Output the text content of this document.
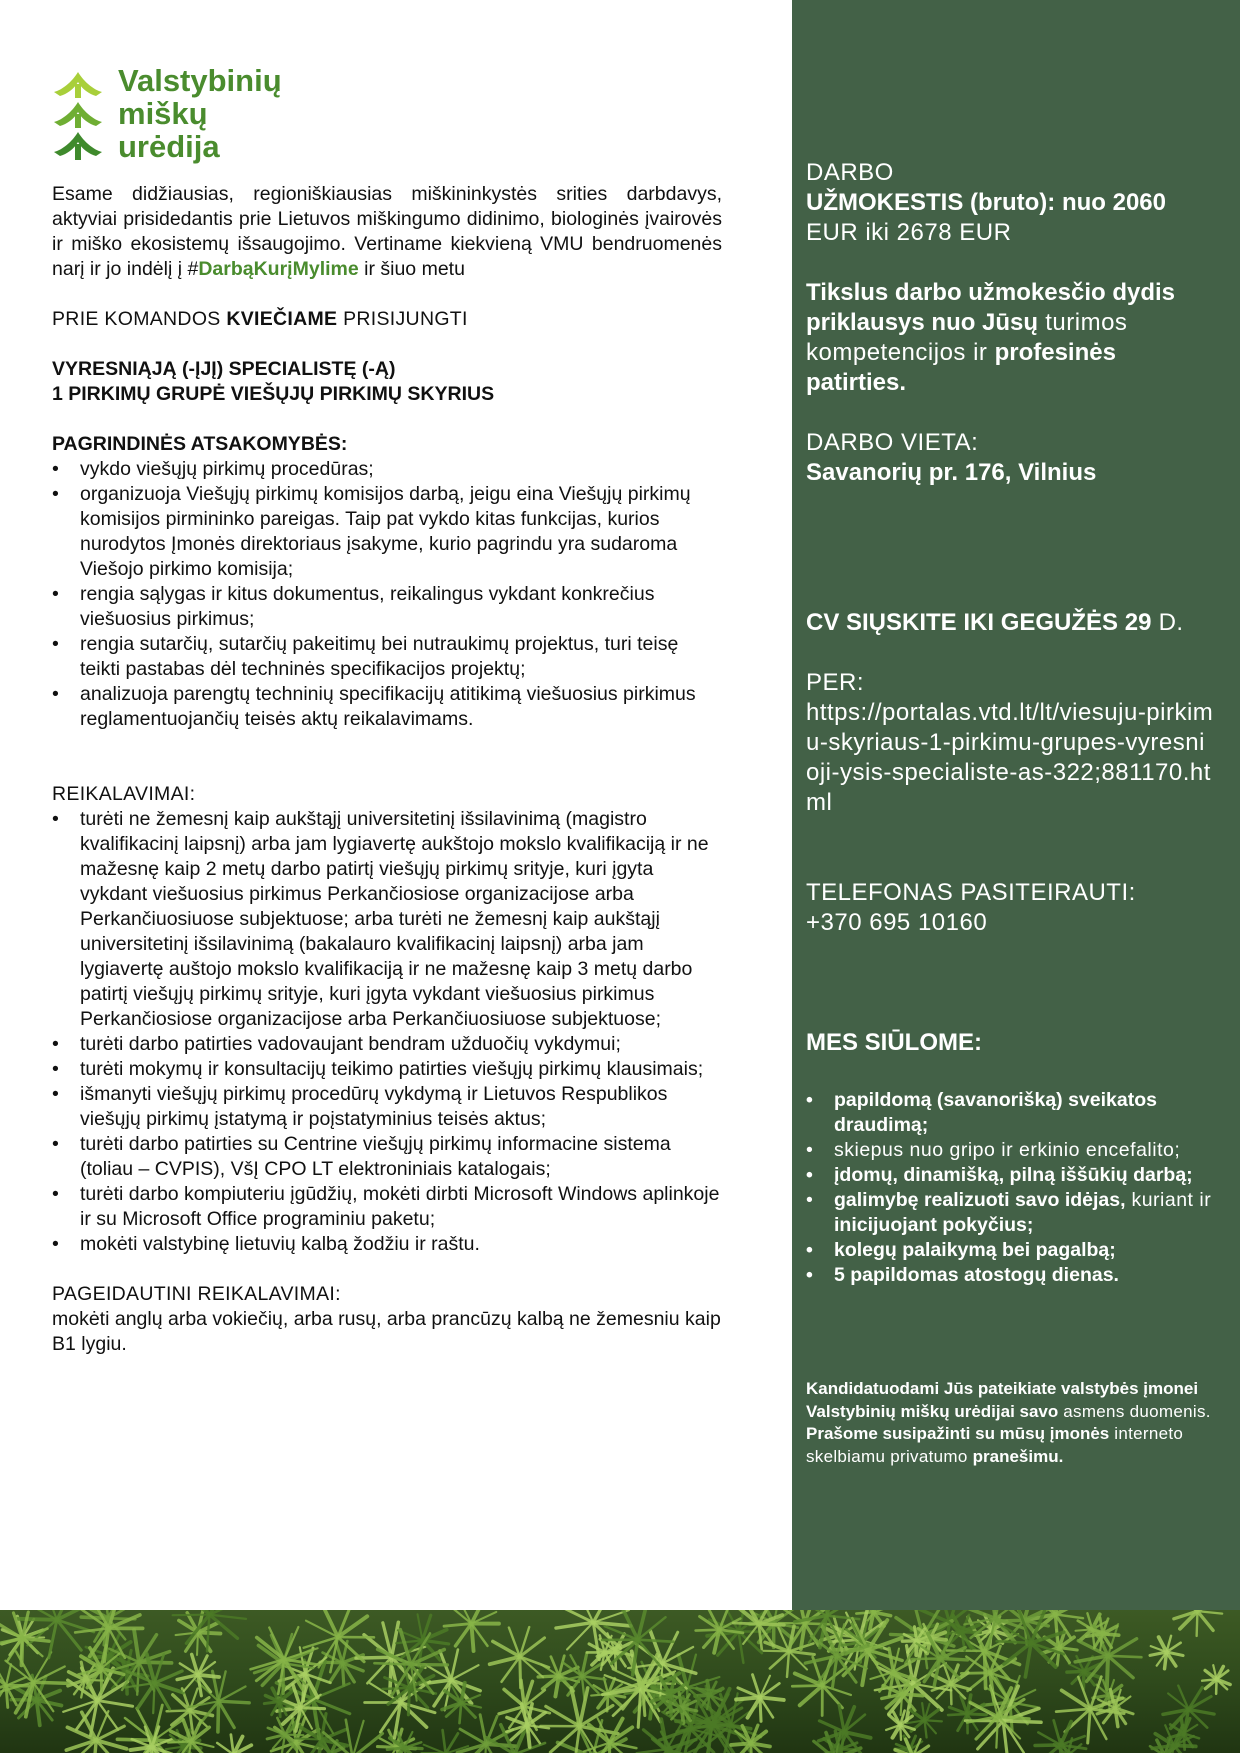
Valstybinių
miškų
urėdija

Esame didžiausias, regioniškiausias miškininkystės srities darbdavys, aktyviai prisidedantis prie Lietuvos miškingumo didinimo, biologinės įvairovės ir miško ekosistemų išsaugojimo. Vertiname kiekvieną VMU bendruomenės narį ir jo indėlį į #DarbąKurįMylime ir šiuo metu

PRIE KOMANDOS KVIEČIAME PRISIJUNGTI
VYRESNIĄJĄ (-ĮJĮ) SPECIALISTĘ (-Ą)
1 PIRKIMŲ GRUPĖ VIEŠŲJŲ PIRKIMŲ SKYRIUS
PAGRINDINĖS ATSAKOMYBĖS:
• vykdo viešųjų pirkimų procedūras;
• organizuoja Viešųjų pirkimų komisijos darbą, jeigu eina Viešųjų pirkimų komisijos pirmininko pareigas. Taip pat vykdo kitas funkcijas, kurios nurodytos Įmonės direktoriaus įsakyme, kurio pagrindu yra sudaroma Viešojo pirkimo komisija;
• rengia sąlygas ir kitus dokumentus, reikalingus vykdant konkrečius viešuosius pirkimus;
• rengia sutarčių, sutarčių pakeitimų bei nutraukimų projektus, turi teisę teikti pastabas dėl techninės specifikacijos projektų;
• analizuoja parengtų techninių specifikacijų atitikimą viešuosius pirkimus reglamentuojančių teisės aktų reikalavimams.
REIKALAVIMAI:
• turėti ne žemesnį kaip aukštąjį universitetinį išsilavinimą (magistro kvalifikacinį laipsnį) arba jam lygiavertę aukštojo mokslo kvalifikaciją ir ne mažesnę kaip 2 metų darbo patirtį viešųjų pirkimų srityje, kuri įgyta vykdant viešuosius pirkimus Perkančiosiose organizacijose arba Perkančiuosiuose subjektuose; arba turėti ne žemesnį kaip aukštąjį universitetinį išsilavinimą (bakalauro kvalifikacinį laipsnį) arba jam lygiavertę auštojo mokslo kvalifikaciją ir ne mažesnę kaip 3 metų darbo patirtį viešųjų pirkimų srityje, kuri įgyta vykdant viešuosius pirkimus Perkančiosiose organizacijose arba Perkančiuosiuose subjektuose;
• turėti darbo patirties vadovaujant bendram užduočių vykdymui;
• turėti mokymų ir konsultacijų teikimo patirties viešųjų pirkimų klausimais;
• išmanyti viešųjų pirkimų procedūrų vykdymą ir Lietuvos Respublikos viešųjų pirkimų įstatymą ir poįstatyminius teisės aktus;
• turėti darbo patirties su Centrine viešųjų pirkimų informacine sistema (toliau – CVPIS), VšĮ CPO LT elektroniniais katalogais;
• turėti darbo kompiuteriu įgūdžių, mokėti dirbti Microsoft Windows aplinkoje ir su Microsoft Office programiniu paketu;
• mokėti valstybinę lietuvių kalbą žodžiu ir raštu.
PAGEIDAUTINI REIKALAVIMAI:
mokėti anglų arba vokiečių, arba rusų, arba prancūzų kalbą ne žemesniu kaip B1 lygiu.

DARBO
UŽMOKESTIS (bruto): nuo 2060
EUR iki 2678 EUR

Tikslus darbo užmokesčio dydis priklausys nuo Jūsų turimos kompetencijos ir profesinės patirties.

DARBO VIETA:
Savanorių pr. 176, Vilnius

CV SIŲSKITE IKI GEGUŽĖS 29 D.

PER:
https://portalas.vtd.lt/lt/viesuju-pirkimu-skyriaus-1-pirkimu-grupes-vyresnioji-ysis-specialiste-as-322;881170.html

TELEFONAS PASITEIRAUTI:
+370 695 10160

MES SIŪLOME:

• papildomą (savanorišką) sveikatos draudimą;
• skiepus nuo gripo ir erkinio encefalito;
• įdomų, dinamišką, pilną iššūkių darbą;
• galimybę realizuoti savo idėjas, kuriant ir inicijuojant pokyčius;
• kolegų palaikymą bei pagalbą;
• 5 papildomas atostogų dienas.

Kandidatuodami Jūs pateikiate valstybės įmonei Valstybinių miškų urėdijai savo asmens duomenis.
Prašome susipažinti su mūsų įmonės interneto skelbiamu privatumo pranešimu.
